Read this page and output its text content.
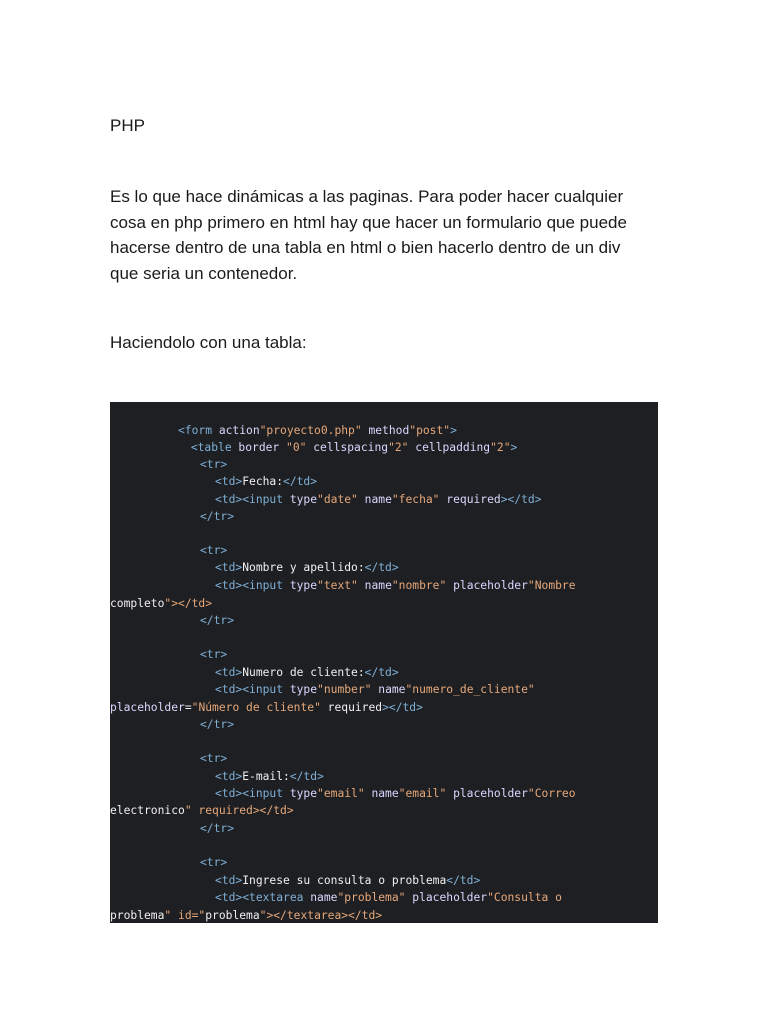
PHP

Es lo que hace dinámicas a las paginas. Para poder hacer cualquier cosa en php primero en html hay que hacer un formulario que puede hacerse dentro de una tabla en html o bien hacerlo dentro de un div que seria un contenedor.

Haciendolo con una tabla:

<form action"proyecto0.php" method"post">
<table border "0" cellspacing"2" cellpadding"2">
<tr>
<td>Fecha:</td>
<td><input type"date" name"fecha" required></td>
</tr>
<tr>
<td>Nombre y apellido:</td>
<td><input type"text" name"nombre" placeholder"Nombre
completo"></td>
</tr>
<tr>
<td>Numero de cliente:</td>
<td><input type"number" name"numero_de_cliente"
placeholder="Número de cliente" required></td>
</tr>
<tr>
<td>E-mail:</td>
<td><input type"email" name"email" placeholder"Correo
electronico" required></td>
</tr>
<tr>
<td>Ingrese su consulta o problema</td>
<td><textarea name"problema" placeholder"Consulta o
problema" id="problema"></textarea></td>
